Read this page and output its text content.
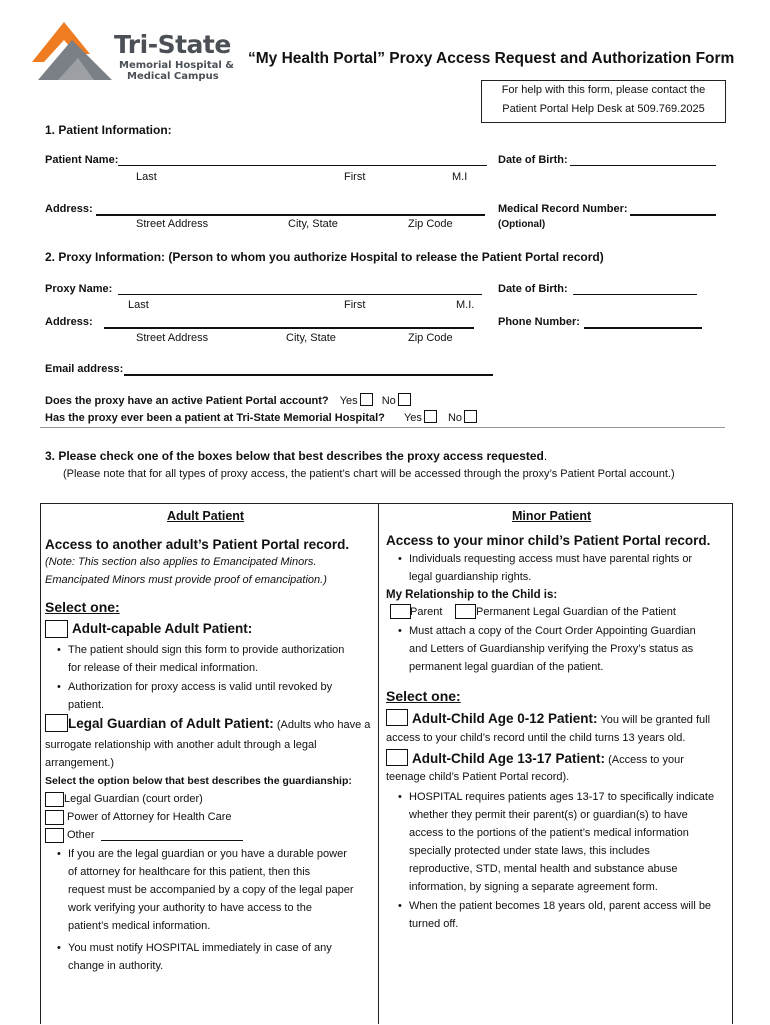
Tri-State
Memorial Hospital &
Medical Campus
“My Health Portal” Proxy Access Request and Authorization Form
For help with this form, please contact the
Patient Portal Help Desk at 509.769.2025
1. Patient Information:
Patient Name:
Last	First	M.I
Date of Birth:
Address:
Street Address	City, State	Zip Code
Medical Record Number:
(Optional)
2. Proxy Information: (Person to whom you authorize Hospital to release the Patient Portal record)
Proxy Name:
Last	First	M.I.
Date of Birth:
Address:
Street Address	City, State	Zip Code
Phone Number:
Email address:
Does the proxy have an active Patient Portal account? Yes No
Has the proxy ever been a patient at Tri-State Memorial Hospital? Yes No
3. Please check one of the boxes below that best describes the proxy access requested.
(Please note that for all types of proxy access, the patient’s chart will be accessed through the proxy’s Patient Portal account.)
Adult Patient
Access to another adult’s Patient Portal record.
(Note: This section also applies to Emancipated Minors.
Emancipated Minors must provide proof of emancipation.)
Select one:
Adult-capable Adult Patient:
• The patient should sign this form to provide authorization
for release of their medical information.
• Authorization for proxy access is valid until revoked by
patient.
Legal Guardian of Adult Patient: (Adults who have a
surrogate relationship with another adult through a legal
arrangement.)
Select the option below that best describes the guardianship:
Legal Guardian (court order)
Power of Attorney for Health Care
Other
• If you are the legal guardian or you have a durable power
of attorney for healthcare for this patient, then this
request must be accompanied by a copy of the legal paper
work verifying your authority to have access to the
patient’s medical information.
• You must notify HOSPITAL immediately in case of any
change in authority.
Minor Patient
Access to your minor child’s Patient Portal record.
• Individuals requesting access must have parental rights or
legal guardianship rights.
My Relationship to the Child is:
Parent	Permanent Legal Guardian of the Patient
• Must attach a copy of the Court Order Appointing Guardian
and Letters of Guardianship verifying the Proxy’s status as
permanent legal guardian of the patient.
Select one:
Adult-Child Age 0-12 Patient: You will be granted full
access to your child’s record until the child turns 13 years old.
Adult-Child Age 13-17 Patient: (Access to your
teenage child’s Patient Portal record).
• HOSPITAL requires patients ages 13-17 to specifically indicate
whether they permit their parent(s) or guardian(s) to have
access to the portions of the patient’s medical information
specially protected under state laws, this includes
reproductive, STD, mental health and substance abuse
information, by signing a separate agreement form.
• When the patient becomes 18 years old, parent access will be
turned off.
